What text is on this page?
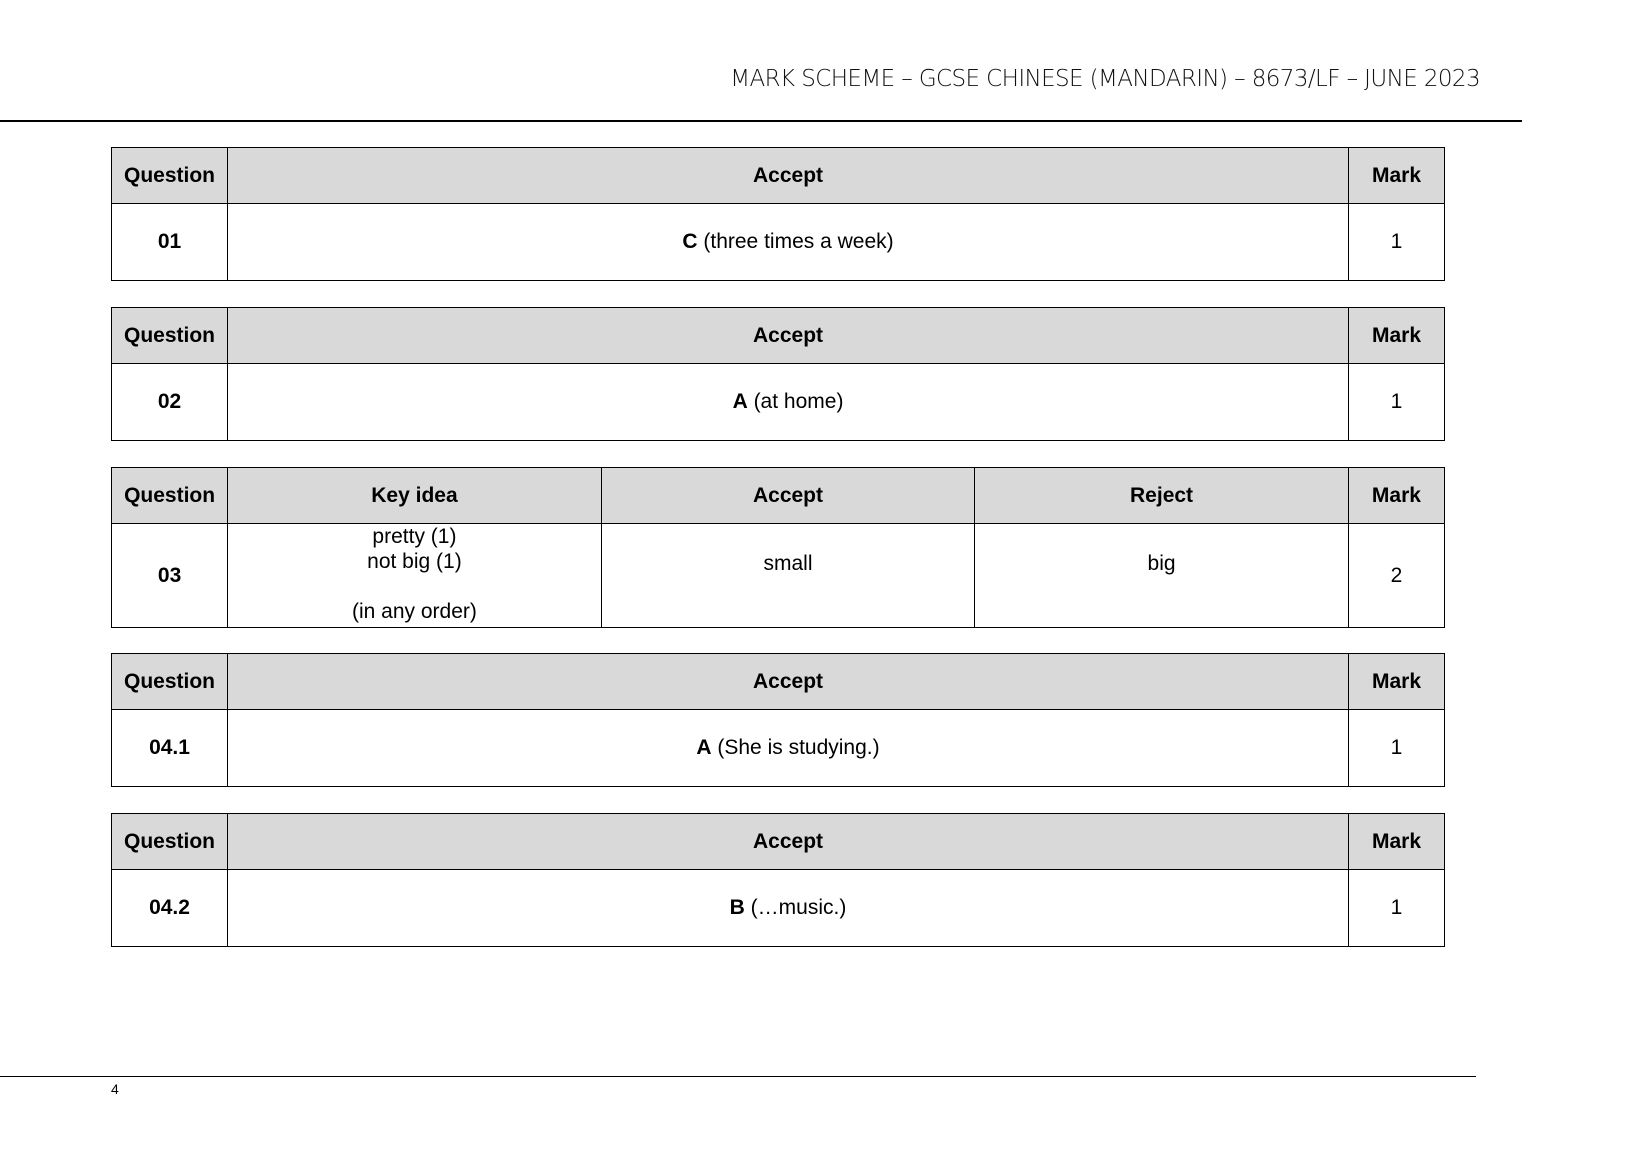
MARK SCHEME – GCSE CHINESE (MANDARIN) – 8673/LF – JUNE 2023
Question	Accept	Mark
01	C (three times a week)	1
Question	Accept	Mark
02	A (at home)	1
Question	Key idea	Accept	Reject	Mark
03	pretty (1)
not big (1)
(in any order)	small	big	2
Question	Accept	Mark
04.1	A (She is studying.)	1
Question	Accept	Mark
04.2	B (…music.)	1
4
